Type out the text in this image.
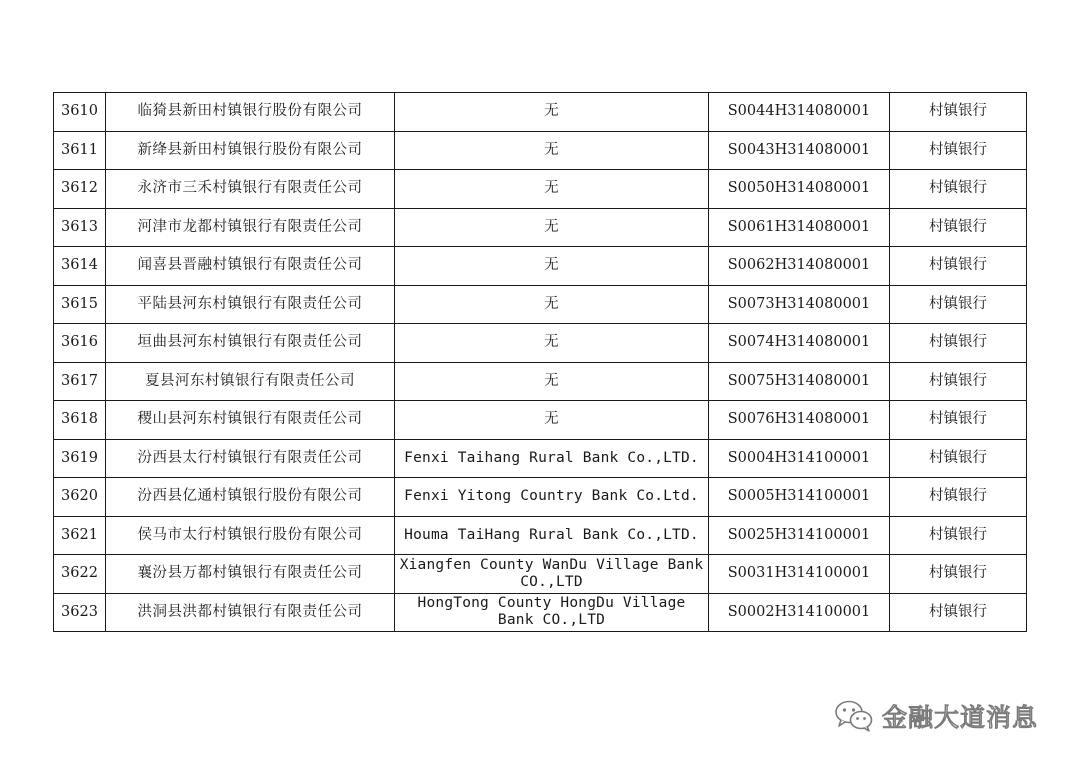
3610	临猗县新田村镇银行股份有限公司	无	S0044H314080001	村镇银行
3611	新绛县新田村镇银行股份有限公司	无	S0043H314080001	村镇银行
3612	永济市三禾村镇银行有限责任公司	无	S0050H314080001	村镇银行
3613	河津市龙都村镇银行有限责任公司	无	S0061H314080001	村镇银行
3614	闻喜县晋融村镇银行有限责任公司	无	S0062H314080001	村镇银行
3615	平陆县河东村镇银行有限责任公司	无	S0073H314080001	村镇银行
3616	垣曲县河东村镇银行有限责任公司	无	S0074H314080001	村镇银行
3617	夏县河东村镇银行有限责任公司	无	S0075H314080001	村镇银行
3618	稷山县河东村镇银行有限责任公司	无	S0076H314080001	村镇银行
3619	汾西县太行村镇银行有限责任公司	Fenxi Taihang Rural Bank Co.,LTD.	S0004H314100001	村镇银行
3620	汾西县亿通村镇银行股份有限公司	Fenxi Yitong Country Bank Co.Ltd.	S0005H314100001	村镇银行
3621	侯马市太行村镇银行股份有限公司	Houma TaiHang Rural Bank Co.,LTD.	S0025H314100001	村镇银行
3622	襄汾县万都村镇银行有限责任公司	Xiangfen County WanDu Village Bank CO.,LTD	S0031H314100001	村镇银行
3623	洪洞县洪都村镇银行有限责任公司	HongTong County HongDu Village Bank CO.,LTD	S0002H314100001	村镇银行
金融大道消息
